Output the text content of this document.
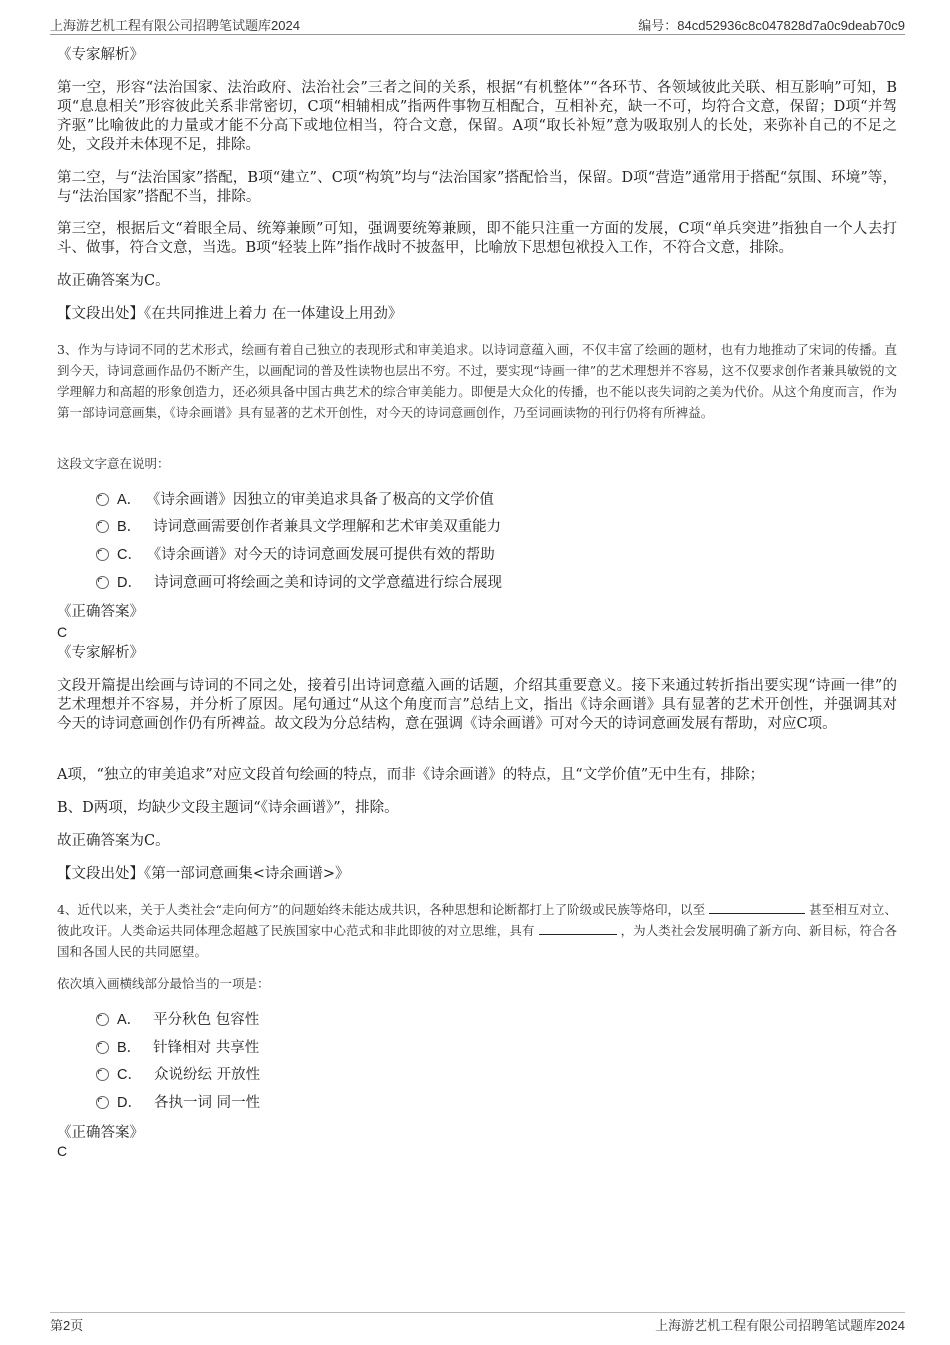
上海游艺机工程有限公司招聘笔试题库2024	编号：84cd52936c8c047828d7a0c9deab70c9

《专家解析》

第一空，形容“法治国家、法治政府、法治社会”三者之间的关系，根据“有机整体”“各环节、各领域彼此关联、相互影响”可知，B项“息息相关”形容彼此关系非常密切，C项“相辅相成”指两件事物互相配合，互相补充，缺一不可，均符合文意，保留；D项“并驾齐驱”比喻彼此的力量或才能不分高下或地位相当，符合文意，保留。A项“取长补短”意为吸取别人的长处，来弥补自己的不足之处，文段并未体现不足，排除。

第二空，与“法治国家”搭配，B项“建立”、C项“构筑”均与“法治国家”搭配恰当，保留。D项“营造”通常用于搭配“氛围、环境”等，与“法治国家”搭配不当，排除。

第三空，根据后文“着眼全局、统筹兼顾”可知，强调要统筹兼顾，即不能只注重一方面的发展，C项“单兵突进”指独自一个人去打斗、做事，符合文意，当选。B项“轻装上阵”指作战时不披盔甲，比喻放下思想包袱投入工作，不符合文意，排除。

故正确答案为C。

【文段出处】《在共同推进上着力 在一体建设上用劲》

3、作为与诗词不同的艺术形式，绘画有着自己独立的表现形式和审美追求。以诗词意蕴入画，不仅丰富了绘画的题材，也有力地推动了宋词的传播。直到今天，诗词意画作品仍不断产生，以画配词的普及性读物也层出不穷。不过，要实现“诗画一律”的艺术理想并不容易，这不仅要求创作者兼具敏锐的文学理解力和高超的形象创造力，还必须具备中国古典艺术的综合审美能力。即便是大众化的传播，也不能以丧失词韵之美为代价。从这个角度而言，作为第一部诗词意画集，《诗余画谱》具有显著的艺术开创性，对今天的诗词意画创作，乃至词画读物的刊行仍将有所裨益。

这段文字意在说明：

A． 《诗余画谱》因独立的审美追求具备了极高的文学价值
B． 诗词意画需要创作者兼具文学理解和艺术审美双重能力
C． 《诗余画谱》对今天的诗词意画发展可提供有效的帮助
D． 诗词意画可将绘画之美和诗词的文学意蕴进行综合展现

《正确答案》

C

《专家解析》

文段开篇提出绘画与诗词的不同之处，接着引出诗词意蕴入画的话题，介绍其重要意义。接下来通过转折指出要实现“诗画一律”的艺术理想并不容易，并分析了原因。尾句通过“从这个角度而言”总结上文，指出《诗余画谱》具有显著的艺术开创性，并强调其对今天的诗词意画创作仍有所裨益。故文段为分总结构，意在强调《诗余画谱》可对今天的诗词意画发展有帮助，对应C项。

A项，“独立的审美追求”对应文段首句绘画的特点，而非《诗余画谱》的特点，且“文学价值”无中生有，排除；

B、D两项，均缺少文段主题词“《诗余画谱》”，排除。

故正确答案为C。

【文段出处】《第一部词意画集<诗余画谱>》

4、近代以来，关于人类社会“走向何方”的问题始终未能达成共识，各种思想和论断都打上了阶级或民族等烙印，以至	甚至相互对立、彼此攻讦。人类命运共同体理念超越了民族国家中心范式和非此即彼的对立思维，具有	，为人类社会发展明确了新方向、新目标，符合各国和各国人民的共同愿望。

依次填入画横线部分最恰当的一项是：

A． 平分秋色 包容性
B． 针锋相对 共享性
C． 众说纷纭 开放性
D． 各执一词 同一性

《正确答案》

C

第2页	上海游艺机工程有限公司招聘笔试题库2024
